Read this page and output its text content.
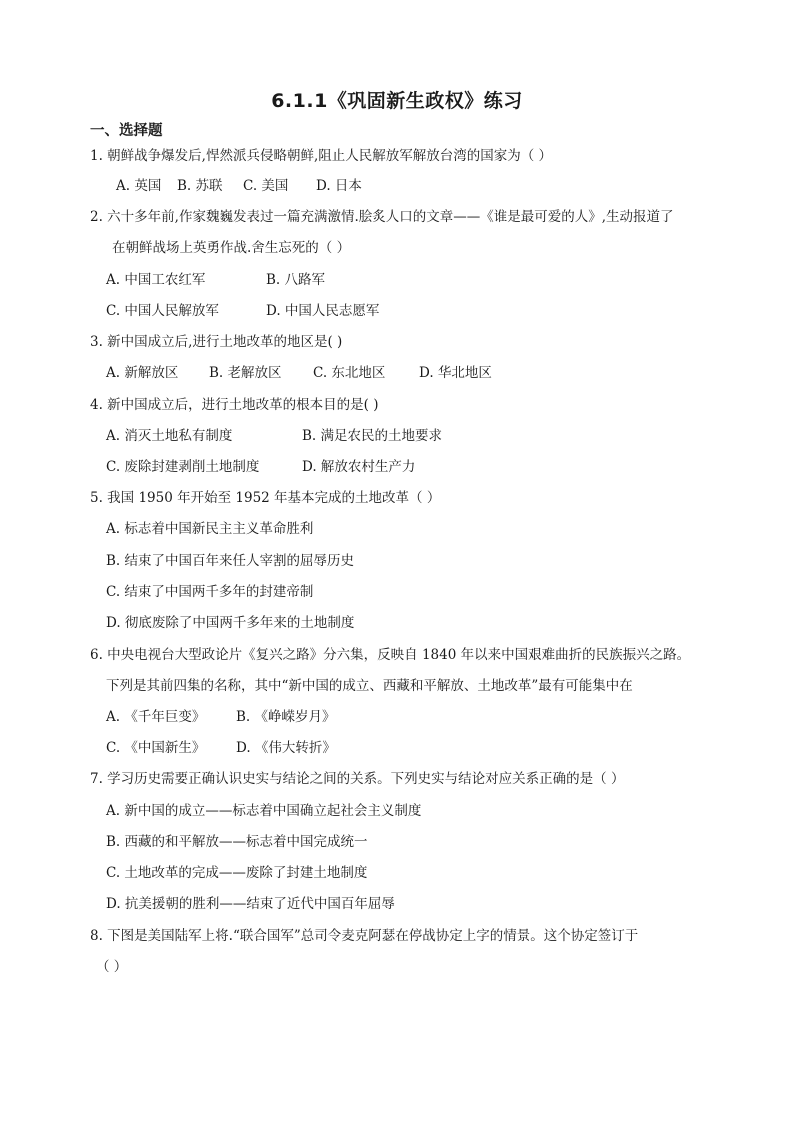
6.1.1《巩固新生政权》练习
一、选择题
1. 朝鲜战争爆发后,悍然派兵侵略朝鲜,阻止人民解放军解放台湾的国家为（ ）
A. 英国 B. 苏联 C. 美国 D. 日本
2. 六十多年前,作家魏巍发表过一篇充满激情.脍炙人口的文章——《谁是最可爱的人》,生动报道了
在朝鲜战场上英勇作战.舍生忘死的（ ）
A. 中国工农红军	B. 八路军
C. 中国人民解放军	D. 中国人民志愿军
3. 新中国成立后,进行土地改革的地区是( )
A. 新解放区 B. 老解放区 C. 东北地区 D. 华北地区
4. 新中国成立后，进行土地改革的根本目的是( )
A. 消灭土地私有制度	B. 满足农民的土地要求
C. 废除封建剥削土地制度	D. 解放农村生产力
5. 我国 1950 年开始至 1952 年基本完成的土地改革（ ）
A. 标志着中国新民主主义革命胜利
B. 结束了中国百年来任人宰割的屈辱历史
C. 结束了中国两千多年的封建帝制
D. 彻底废除了中国两千多年来的土地制度
6. 中央电视台大型政论片《复兴之路》分六集，反映自 1840 年以来中国艰难曲折的民族振兴之路。
下列是其前四集的名称，其中“新中国的成立、西藏和平解放、土地改革”最有可能集中在
A. 《千年巨变》 B. 《峥嵘岁月》
C. 《中国新生》 D. 《伟大转折》
7. 学习历史需要正确认识史实与结论之间的关系。下列史实与结论对应关系正确的是（ ）
A. 新中国的成立——标志着中国确立起社会主义制度
B. 西藏的和平解放——标志着中国完成统一
C. 土地改革的完成——废除了封建土地制度
D. 抗美援朝的胜利——结束了近代中国百年屈辱
8. 下图是美国陆军上将.“联合国军”总司令麦克阿瑟在停战协定上字的情景。这个协定签订于
（ ）
